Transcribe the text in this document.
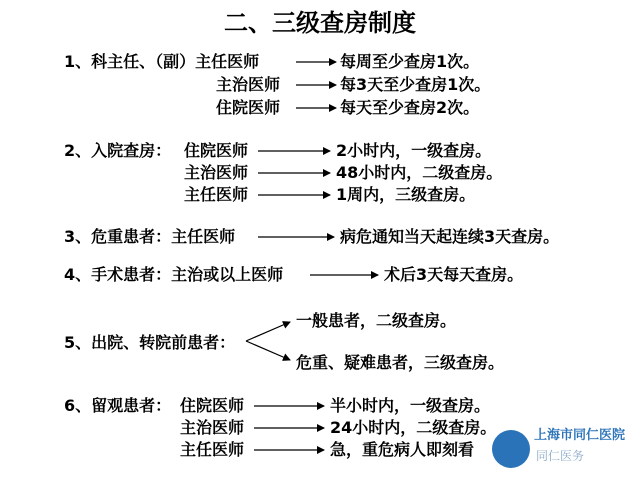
二、三级查房制度
1、科主任、（副）主任医师	每周至少查房1次。
主治医师	每3天至少查房1次。
住院医师	每天至少查房2次。
2、入院查房： 住院医师	2小时内，一级查房。
主治医师	48小时内，二级查房。
主任医师	1周内，三级查房。
3、危重患者：主任医师	病危通知当天起连续3天查房。
4、手术患者：主治或以上医师	术后3天每天查房。
5、出院、转院前患者：
一般患者，二级查房。
危重、疑难患者，三级查房。
6、留观患者： 住院医师	半小时内，一级查房。
主治医师	24小时内，二级查房。
主任医师	急，重危病人即刻看
上海市同仁医院
同仁医务
